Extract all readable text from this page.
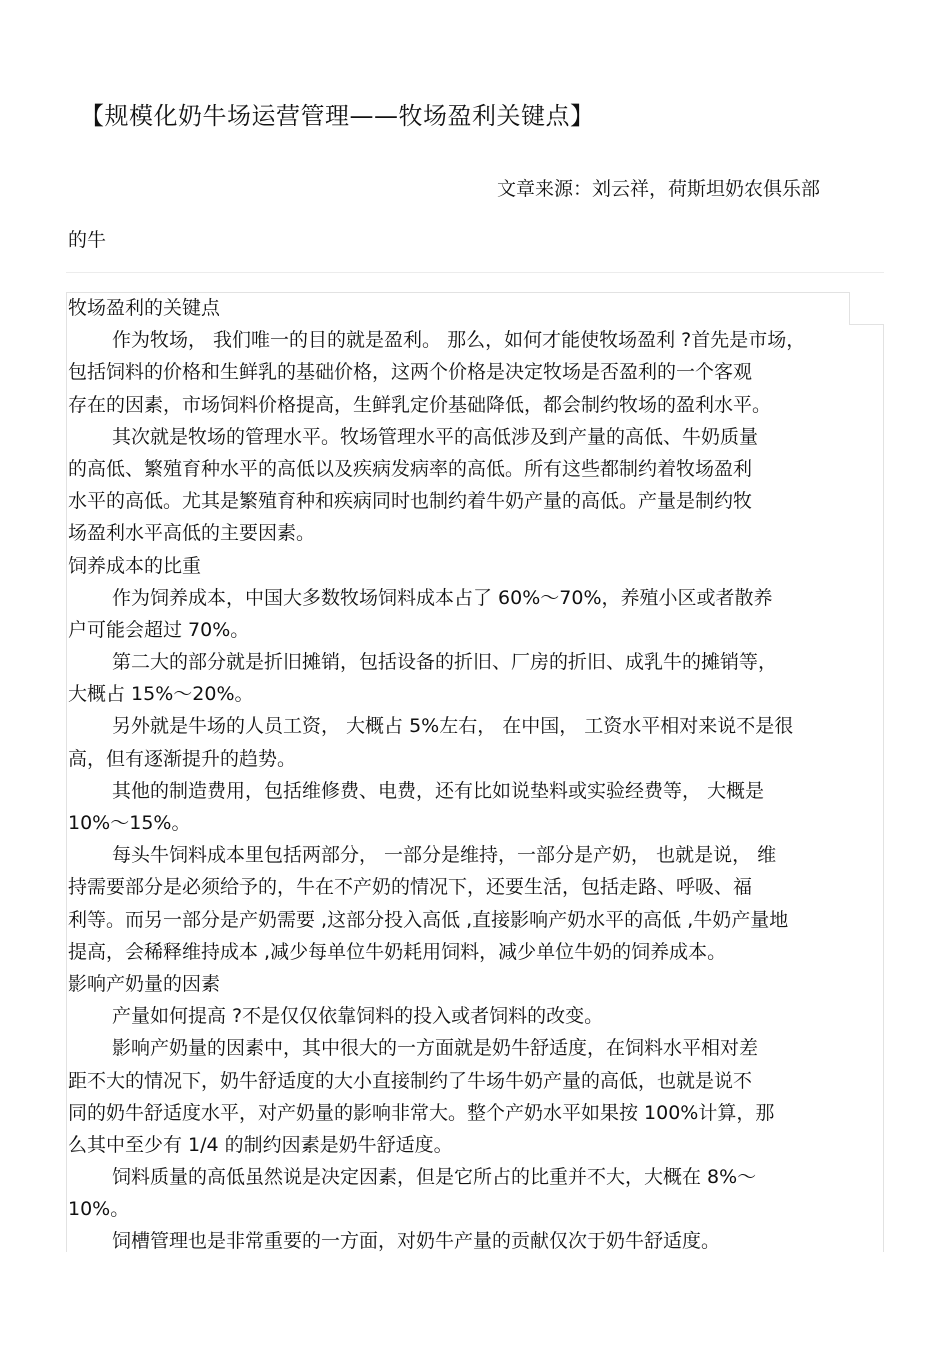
【规模化奶牛场运营管理——牧场盈利关键点】
文章来源：刘云祥，荷斯坦奶农俱乐部
的牛
牧场盈利的关键点
作为牧场， 我们唯一的目的就是盈利。 那么，如何才能使牧场盈利 ?首先是市场，
包括饲料的价格和生鲜乳的基础价格，这两个价格是决定牧场是否盈利的一个客观
存在的因素，市场饲料价格提高，生鲜乳定价基础降低，都会制约牧场的盈利水平。
其次就是牧场的管理水平。牧场管理水平的高低涉及到产量的高低、牛奶质量
的高低、繁殖育种水平的高低以及疾病发病率的高低。所有这些都制约着牧场盈利
水平的高低。尤其是繁殖育种和疾病同时也制约着牛奶产量的高低。产量是制约牧
场盈利水平高低的主要因素。
饲养成本的比重
作为饲养成本，中国大多数牧场饲料成本占了 60%～70%，养殖小区或者散养
户可能会超过 70%。
第二大的部分就是折旧摊销，包括设备的折旧、厂房的折旧、成乳牛的摊销等，
大概占 15%～20%。
另外就是牛场的人员工资， 大概占 5%左右， 在中国， 工资水平相对来说不是很
高，但有逐渐提升的趋势。
其他的制造费用，包括维修费、电费，还有比如说垫料或实验经费等， 大概是
10%～15%。
每头牛饲料成本里包括两部分， 一部分是维持，一部分是产奶， 也就是说， 维
持需要部分是必须给予的，牛在不产奶的情况下，还要生活，包括走路、呼吸、福
利等。而另一部分是产奶需要 ,这部分投入高低 ,直接影响产奶水平的高低 ,牛奶产量地
提高，会稀释维持成本 ,减少每单位牛奶耗用饲料，减少单位牛奶的饲养成本。
影响产奶量的因素
产量如何提高 ?不是仅仅依靠饲料的投入或者饲料的改变。
影响产奶量的因素中，其中很大的一方面就是奶牛舒适度，在饲料水平相对差
距不大的情况下，奶牛舒适度的大小直接制约了牛场牛奶产量的高低，也就是说不
同的奶牛舒适度水平，对产奶量的影响非常大。整个产奶水平如果按 100%计算，那
么其中至少有 1/4 的制约因素是奶牛舒适度。
饲料质量的高低虽然说是决定因素，但是它所占的比重并不大，大概在 8%～
10%。
饲槽管理也是非常重要的一方面，对奶牛产量的贡献仅次于奶牛舒适度。
